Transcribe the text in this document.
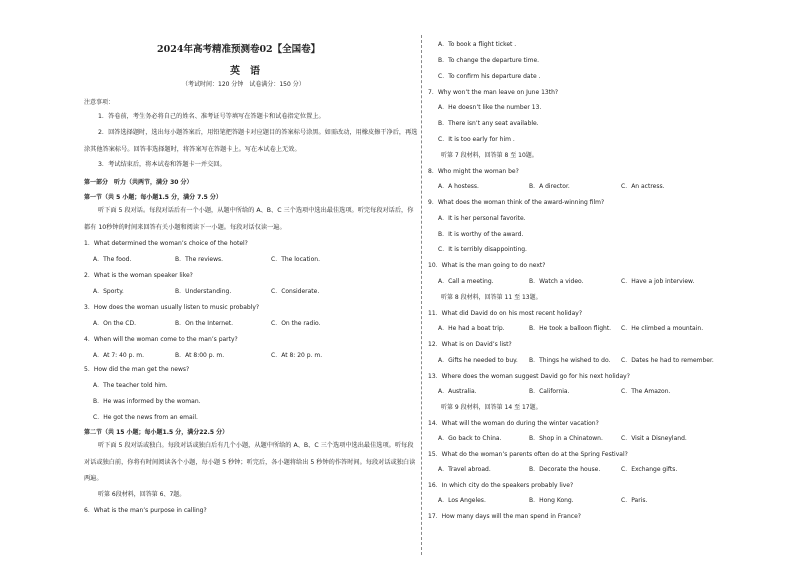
2024年高考精准预测卷02【全国卷】
英　语
（考试时间：120 分钟　试卷满分：150 分）
注意事项：
1．答卷前，考生务必将自己的姓名、准考证号等填写在答题卡和试卷指定位置上。
2．回答选择题时，选出每小题答案后，用铅笔把答题卡对应题目的答案标号涂黑。如需改动，用橡皮擦干净后，再选涂其他答案标号。回答非选择题时，将答案写在答题卡上。写在本试卷上无效。
3．考试结束后，将本试卷和答题卡一并交回。
第一部分　听力（共两节，满分 30 分）
第一节（共 5 小题；每小题1.5 分，满分 7.5 分）
听下面 5 段对话。每段对话后有一个小题，从题中所给的 A、B、C 三个选项中选出最佳选项。听完每段对话后，你都有 10秒钟的时间来回答有关小题和阅读下一小题。每段对话仅读一遍。
1．What determined the woman’s choice of the hotel?
A．The food.	B．The reviews.	C．The location.
2．What is the woman speaker like?
A．Sporty.	B．Understanding.	C．Considerate.
3．How does the woman usually listen to music probably?
A．On the CD.	B．On the Internet.	C．On the radio.
4．When will the woman come to the man’s party?
A．At 7: 40 p. m.	B．At 8:00 p. m.	C．At 8: 20 p. m.
5．How did the man get the news?
A．The teacher told him.
B．He was informed by the woman.
C．He got the news from an email.
第二节（共 15 小题；每小题1.5 分，满分22.5 分）
听下面 5 段对话或独白。每段对话或独白后有几个小题，从题中所给的 A、B、C 三个选项中选出最佳选项。听每段对话或独白前，你将有时间阅读各个小题，每小题 5 秒钟；听完后，各小题将给出 5 秒钟的作答时间。每段对话或独白读两遍。
听第 6段材料，回答第 6、7题。
6．What is the man’s purpose in calling?
A．To book a flight ticket .
B．To change the departure time.
C．To confirm his departure date .
7．Why won’t the man leave on June 13th?
A．He doesn’t like the number 13.
B．There isn’t any seat available.
C．It is too early for him .
听第 7 段材料，回答第 8 至 10题。
8．Who might the woman be?
A．A hostess.	B．A director.	C．An actress.
9．What does the woman think of the award-winning film?
A．It is her personal favorite.
B．It is worthy of the award.
C．It is terribly disappointing.
10．What is the man going to do next?
A．Call a meeting.	B．Watch a video.	C．Have a job interview.
听第 8 段材料，回答第 11 至 13题。
11．What did David do on his most recent holiday?
A．He had a boat trip.	B．He took a balloon flight. C．He climbed a mountain.
12．What is on David’s list?
A．Gifts he needed to buy. B．Things he wished to do. C．Dates he had to remember.
13．Where does the woman suggest David go for his next holiday?
A．Australia.	B．California.	C．The Amazon.
听第 9 段材料，回答第 14 至 17题。
14．What will the woman do during the winter vacation?
A．Go back to China.	B．Shop in a Chinatown.	C．Visit a Disneyland.
15．What do the woman’s parents often do at the Spring Festival?
A．Travel abroad.	B．Decorate the house.	C．Exchange gifts.
16．In which city do the speakers probably live?
A．Los Angeles.	B．Hong Kong.	C．Paris.
17．How many days will the man spend in France?
